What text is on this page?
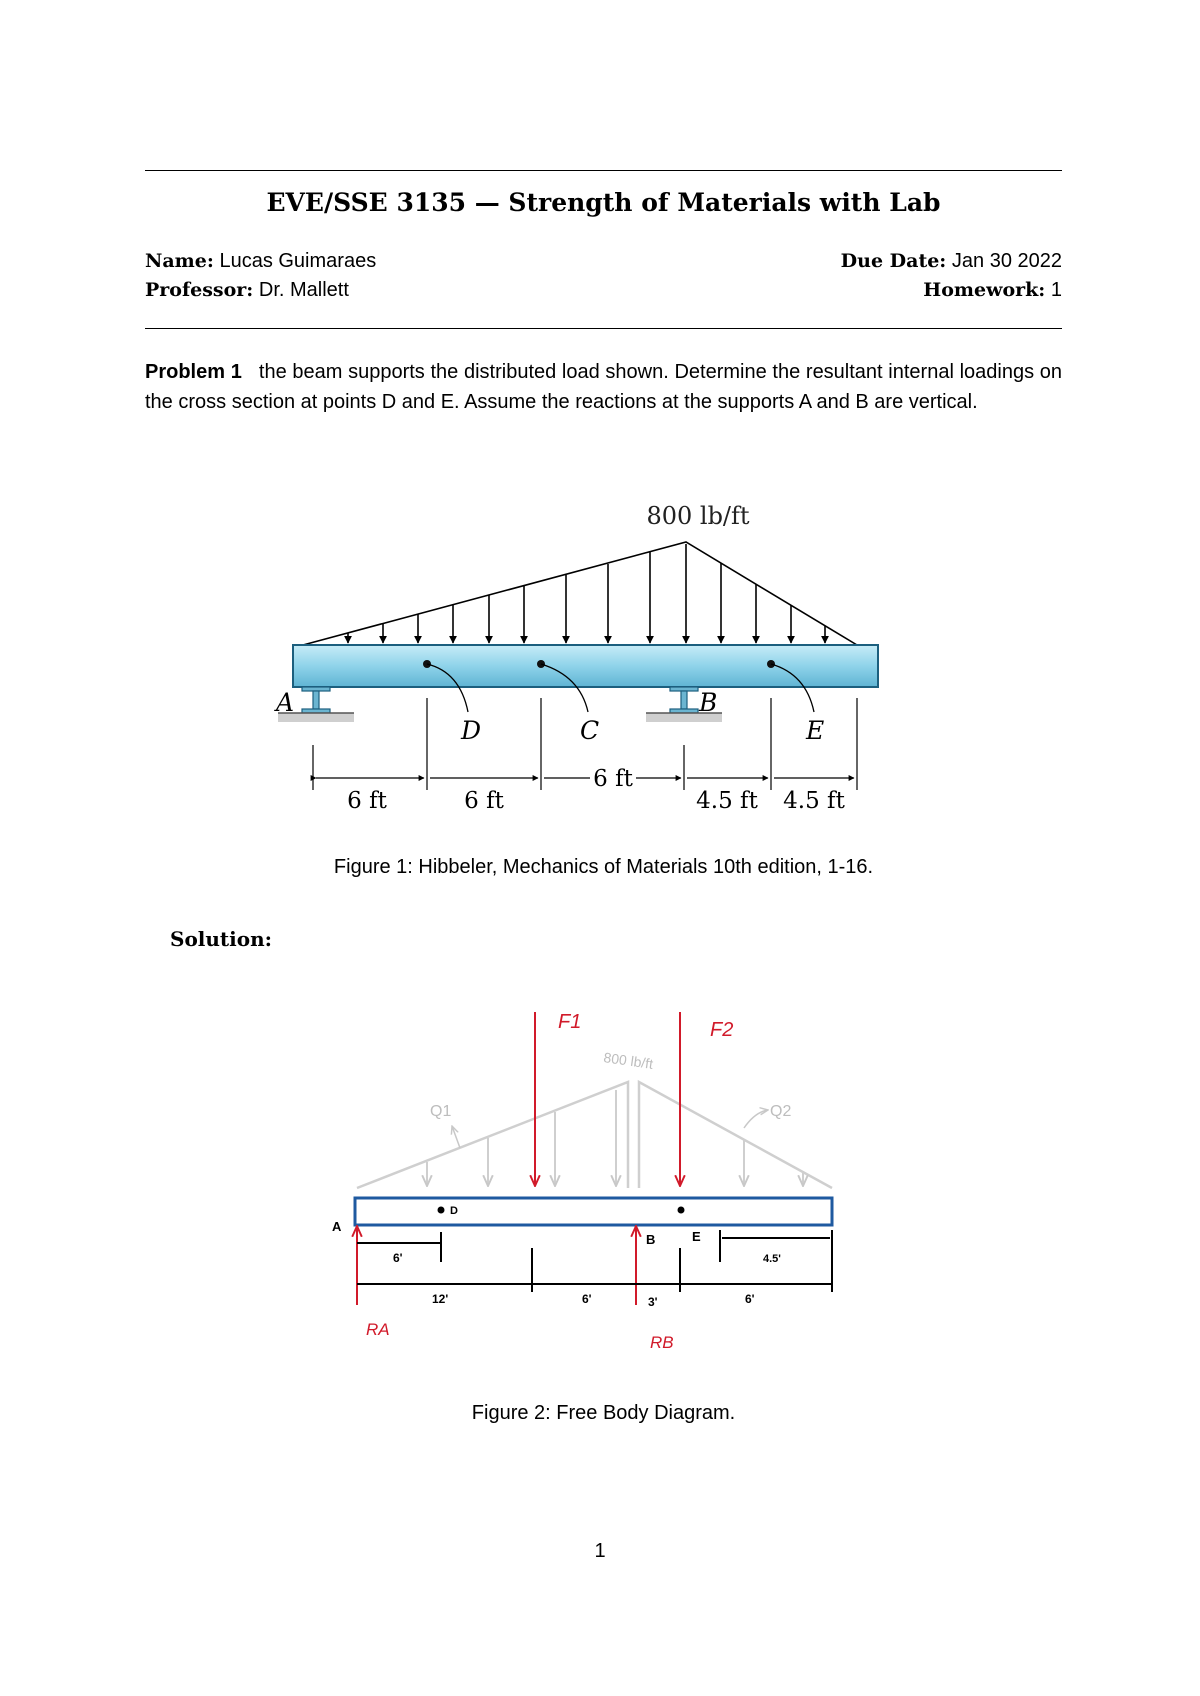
EVE/SSE 3135 — Strength of Materials with Lab
Name: Lucas Guimaraes
Professor: Dr. Mallett
Due Date: Jan 30 2022
Homework: 1
Problem 1 the beam supports the distributed load shown. Determine the resultant internal loadings on the cross section at points D and E. Assume the reactions at the supports A and B are vertical.
800 lb/ft
A	B
D	C	E
6 ft	6 ft
6 ft
4.5 ft 4.5 ft
800 lb/ft
Q1	Q2
F1	F2
D
RA
RB
A
B	E
6'
12'	6'	3'	6'
4.5'
Figure 1: Hibbeler, Mechanics of Materials 10th edition, 1-16.
Solution:
Figure 2: Free Body Diagram.
1
